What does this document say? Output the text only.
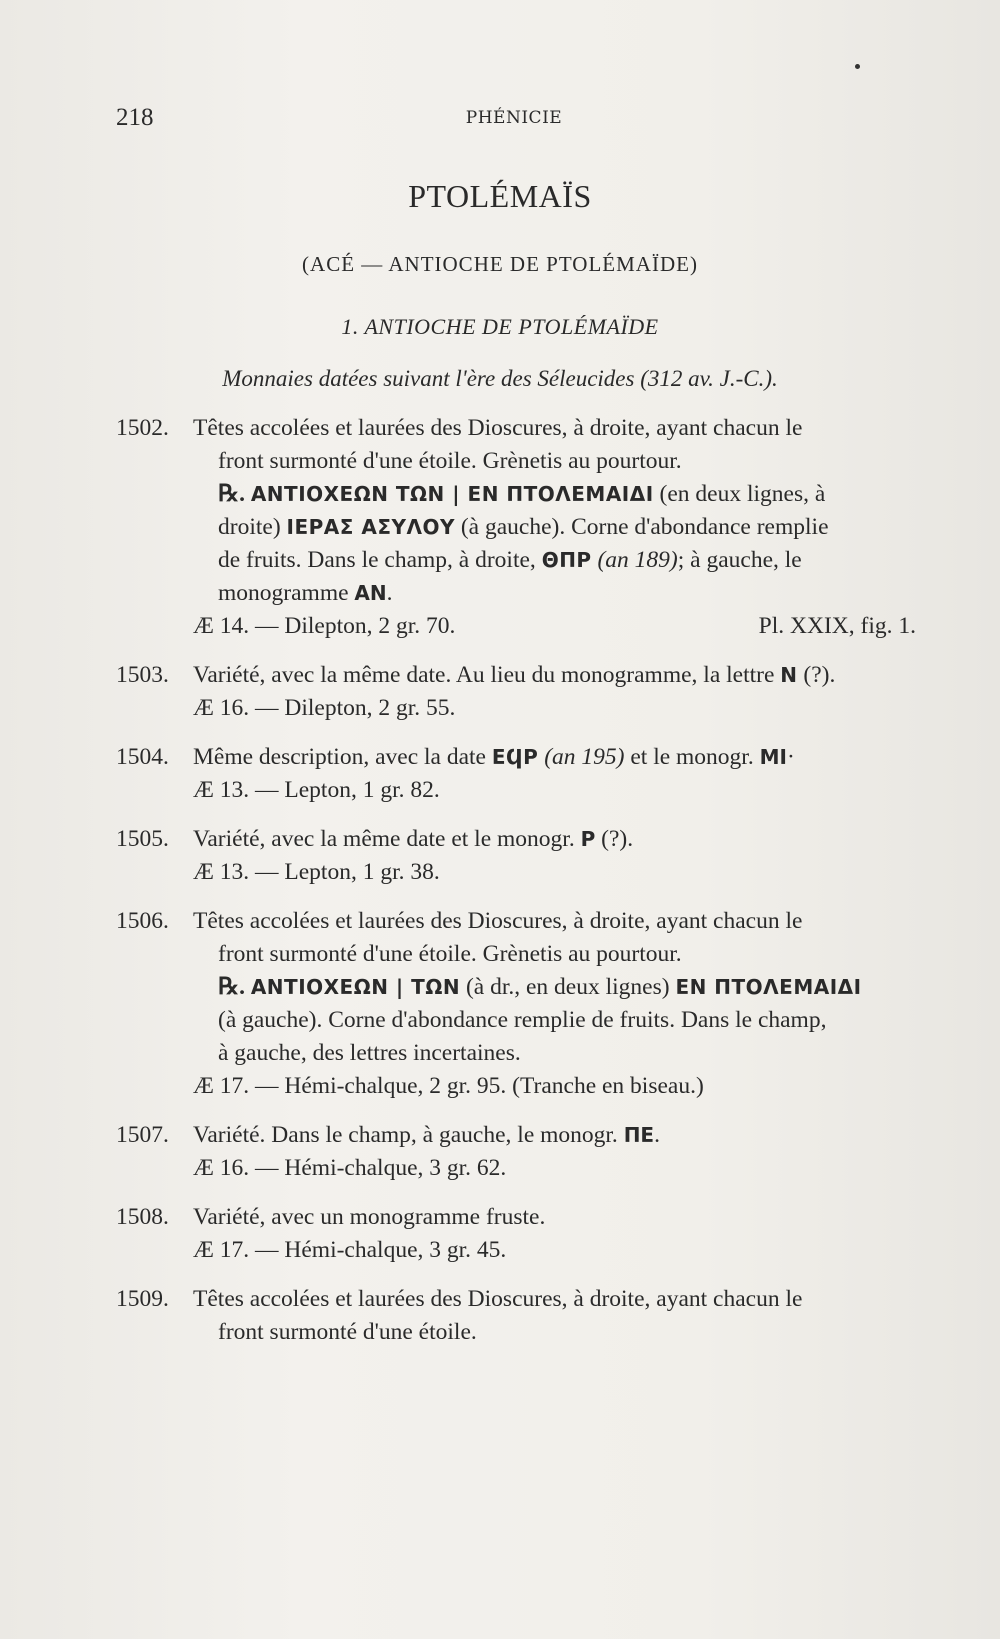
218	PHÉNICIE
PTOLÉMAÏS
(ACÉ — ANTIOCHE DE PTOLÉMAÏDE)
1. ANTIOCHE DE PTOLÉMAÏDE
Monnaies datées suivant l'ère des Séleucides (312 av. J.-C.).
1502.	Têtes accolées et laurées des Dioscures, à droite, ayant chacun le
front surmonté d'une étoile. Grènetis au pourtour.
℞. ΑΝΤΙΟΧΕΩΝ ΤΩΝ | ΕΝ ΠΤΟΛΕΜΑΙΔΙ (en deux lignes, à
droite) ΙΕΡΑΣ ΑΣΥΛΟΥ (à gauche). Corne d'abondance remplie
de fruits. Dans le champ, à droite, ΘΠΡ (an 189); à gauche, le
monogramme ΑΝ.
Æ 14. — Dilepton, 2 gr. 70.	Pl. XXIX, fig. 1.
1503.	Variété, avec la même date. Au lieu du monogramme, la lettre Ν (?).
Æ 16. — Dilepton, 2 gr. 55.
1504.	Même description, avec la date ΕϤΡ (an 195) et le monogr. ΜΙ·
Æ 13. — Lepton, 1 gr. 82.
1505.	Variété, avec la même date et le monogr. Ρ (?).
Æ 13. — Lepton, 1 gr. 38.
1506.	Têtes accolées et laurées des Dioscures, à droite, ayant chacun le
front surmonté d'une étoile. Grènetis au pourtour.
℞. ΑΝΤΙΟΧΕΩΝ | ΤΩΝ (à dr., en deux lignes) ΕΝ ΠΤΟΛΕΜΑΙΔΙ
(à gauche). Corne d'abondance remplie de fruits. Dans le champ,
à gauche, des lettres incertaines.
Æ 17. — Hémi-chalque, 2 gr. 95. (Tranche en biseau.)
1507.	Variété. Dans le champ, à gauche, le monogr. ΠΕ.
Æ 16. — Hémi-chalque, 3 gr. 62.
1508.	Variété, avec un monogramme fruste.
Æ 17. — Hémi-chalque, 3 gr. 45.
1509.	Têtes accolées et laurées des Dioscures, à droite, ayant chacun le
front surmonté d'une étoile.
